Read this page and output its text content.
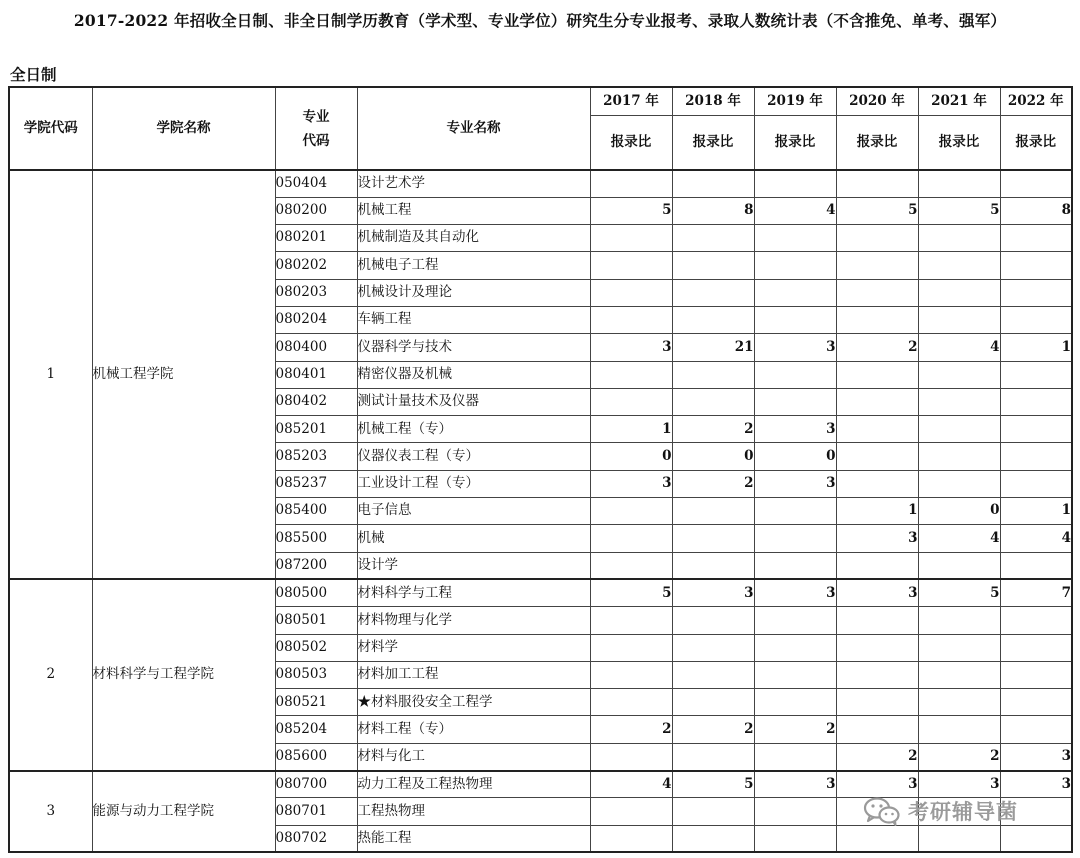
2017-2022 年招收全日制、非全日制学历教育（学术型、专业学位）研究生分专业报考、录取人数统计表（不含推免、单考、强军）
全日制
学院代码	学院名称	专业
代码	专业名称	2017 年	2018 年	2019 年	2020 年	2021 年	2022 年
				报录比	报录比	报录比	报录比	报录比	报录比
1	机械工程学院	050404	设计艺术学						
		080200	机械工程	5	8	4	5	5	8
		080201	机械制造及其自动化						
		080202	机械电子工程						
		080203	机械设计及理论						
		080204	车辆工程						
		080400	仪器科学与技术	3	21	3	2	4	1
		080401	精密仪器及机械						
		080402	测试计量技术及仪器						
		085201	机械工程（专）	1	2	3			
		085203	仪器仪表工程（专）	0	0	0			
		085237	工业设计工程（专）	3	2	3			
		085400	电子信息				1	0	1
		085500	机械				3	4	4
		087200	设计学						
2	材料科学与工程学院	080500	材料科学与工程	5	3	3	3	5	7
		080501	材料物理与化学						
		080502	材料学						
		080503	材料加工工程						
		080521	★材料服役安全工程学						
		085204	材料工程（专）	2	2	2			
		085600	材料与化工				2	2	3
3	能源与动力工程学院	080700	动力工程及工程热物理	4	5	3	3	3	3
		080701	工程热物理						
		080702	热能工程						
考研辅导菌
